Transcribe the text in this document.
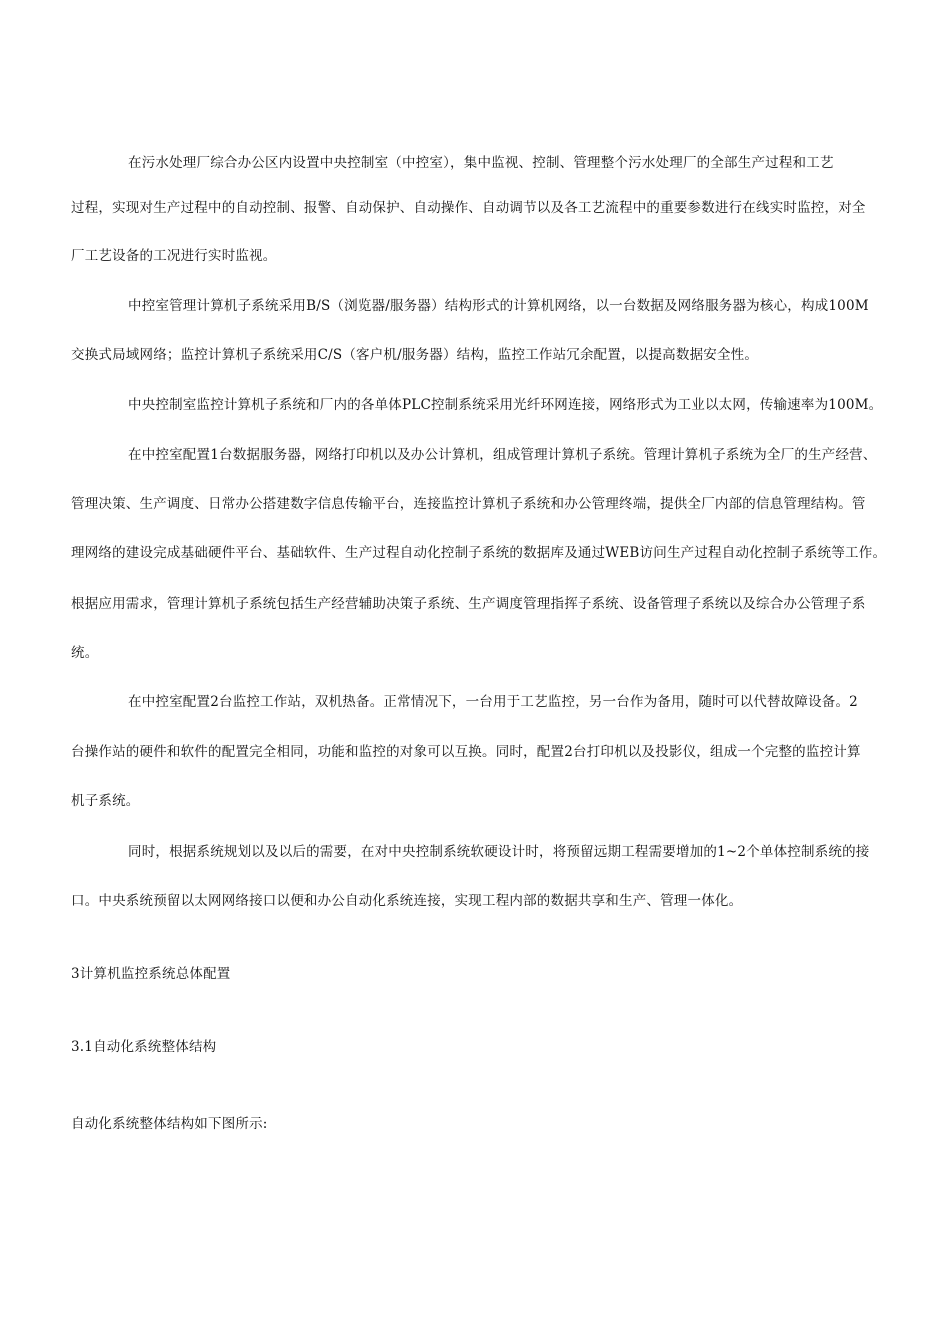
在污水处理厂综合办公区内设置中央控制室（中控室），集中监视、控制、管理整个污水处理厂的全部生产过程和工艺
过程，实现对生产过程中的自动控制、报警、自动保护、自动操作、自动调节以及各工艺流程中的重要参数进行在线实时监控，对全
厂工艺设备的工况进行实时监视。
中控室管理计算机子系统采用B/S（浏览器/服务器）结构形式的计算机网络，以一台数据及网络服务器为核心，构成100M
交换式局域网络；监控计算机子系统采用C/S（客户机/服务器）结构，监控工作站冗余配置，以提高数据安全性。
中央控制室监控计算机子系统和厂内的各单体PLC控制系统采用光纤环网连接，网络形式为工业以太网，传输速率为100M。
在中控室配置1台数据服务器，网络打印机以及办公计算机，组成管理计算机子系统。管理计算机子系统为全厂的生产经营、
管理决策、生产调度、日常办公搭建数字信息传输平台，连接监控计算机子系统和办公管理终端，提供全厂内部的信息管理结构。管
理网络的建设完成基础硬件平台、基础软件、生产过程自动化控制子系统的数据库及通过WEB访问生产过程自动化控制子系统等工作。
根据应用需求，管理计算机子系统包括生产经营辅助决策子系统、生产调度管理指挥子系统、设备管理子系统以及综合办公管理子系
统。
在中控室配置2台监控工作站，双机热备。正常情况下，一台用于工艺监控，另一台作为备用，随时可以代替故障设备。2
台操作站的硬件和软件的配置完全相同，功能和监控的对象可以互换。同时，配置2台打印机以及投影仪，组成一个完整的监控计算
机子系统。
同时，根据系统规划以及以后的需要，在对中央控制系统软硬设计时，将预留远期工程需要增加的1~2个单体控制系统的接
口。中央系统预留以太网网络接口以便和办公自动化系统连接，实现工程内部的数据共享和生产、管理一体化。
3计算机监控系统总体配置
3.1自动化系统整体结构
自动化系统整体结构如下图所示:
